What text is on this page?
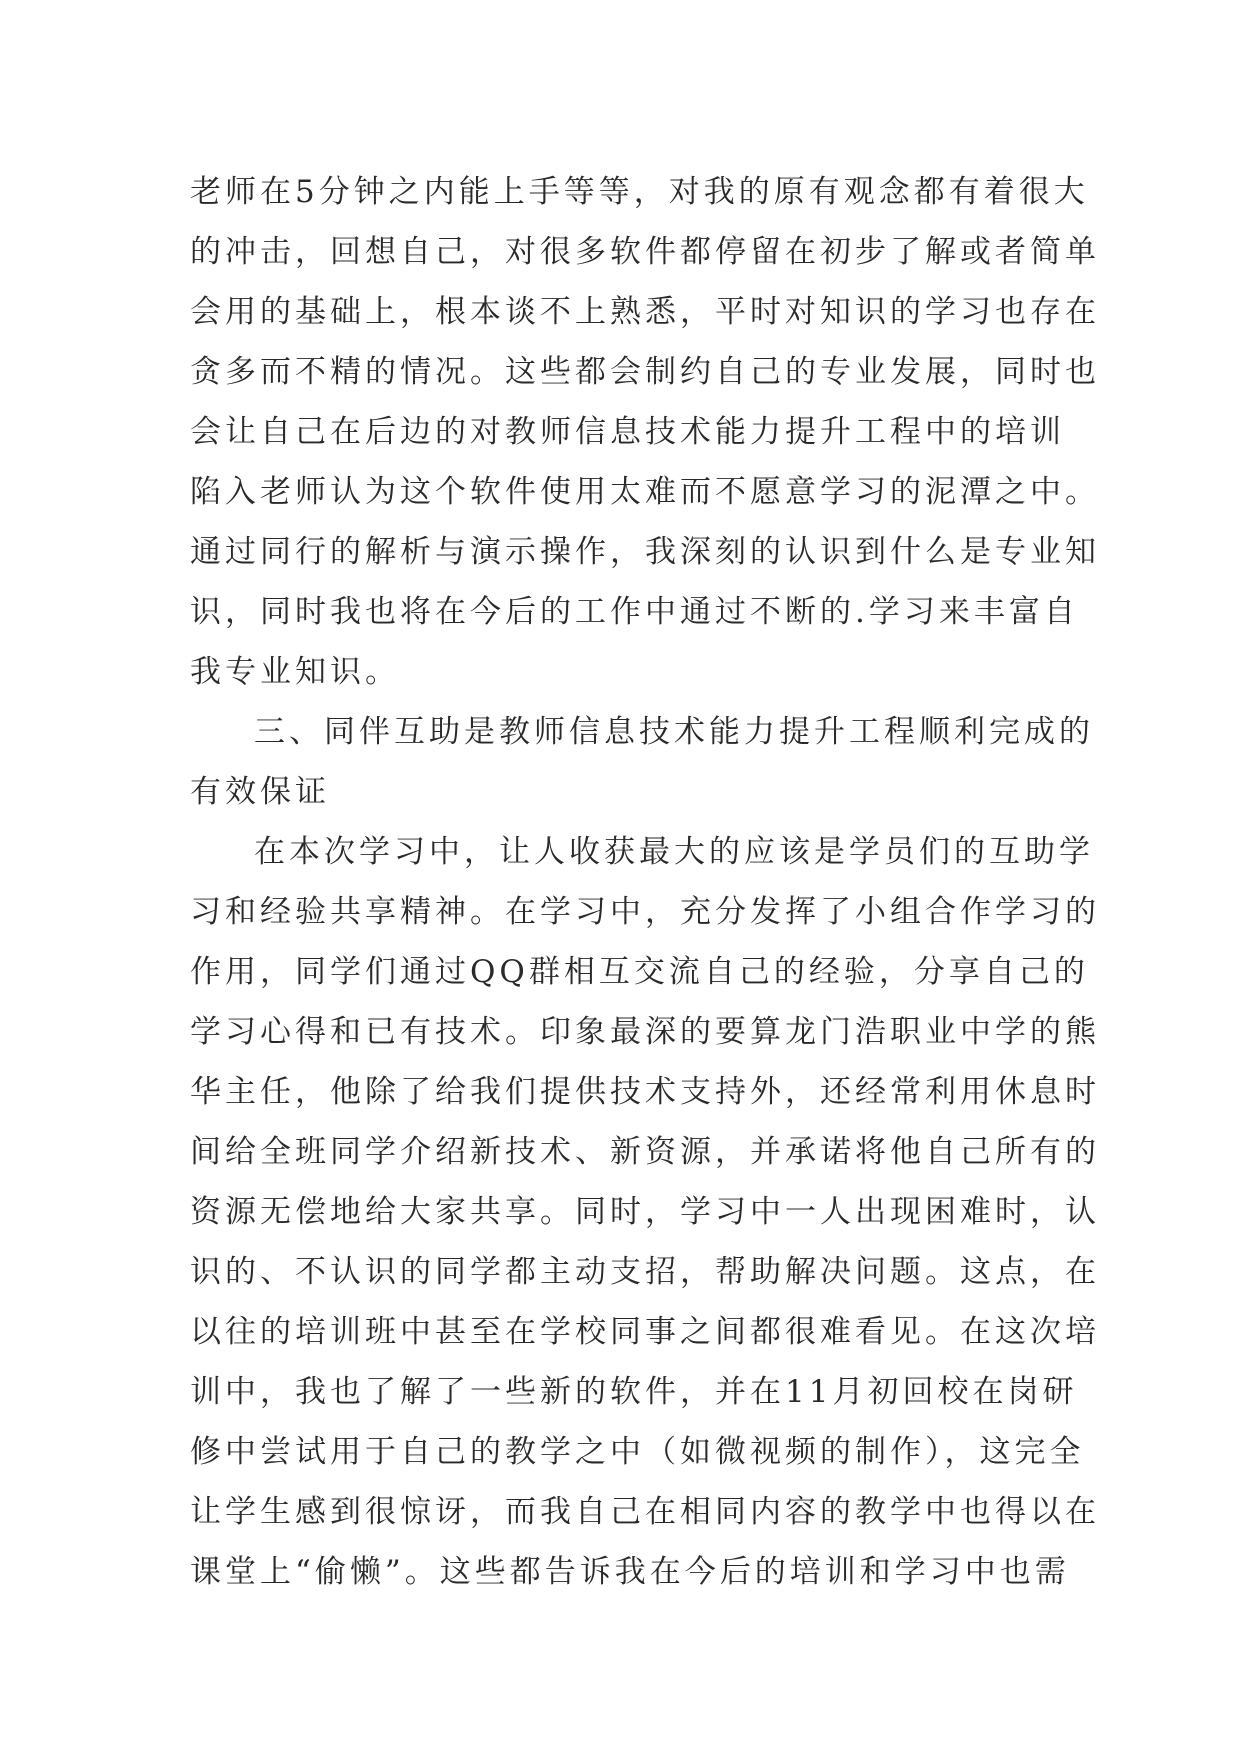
老师在5分钟之内能上手等等，对我的原有观念都有着很大
的冲击，回想自己，对很多软件都停留在初步了解或者简单
会用的基础上，根本谈不上熟悉，平时对知识的学习也存在
贪多而不精的情况。这些都会制约自己的专业发展，同时也
会让自己在后边的对教师信息技术能力提升工程中的培训
陷入老师认为这个软件使用太难而不愿意学习的泥潭之中。
通过同行的解析与演示操作，我深刻的认识到什么是专业知
识，同时我也将在今后的工作中通过不断的.学习来丰富自
我专业知识。
三、同伴互助是教师信息技术能力提升工程顺利完成的
有效保证
在本次学习中，让人收获最大的应该是学员们的互助学
习和经验共享精神。在学习中，充分发挥了小组合作学习的
作用，同学们通过QQ群相互交流自己的经验，分享自己的
学习心得和已有技术。印象最深的要算龙门浩职业中学的熊
华主任，他除了给我们提供技术支持外，还经常利用休息时
间给全班同学介绍新技术、新资源，并承诺将他自己所有的
资源无偿地给大家共享。同时，学习中一人出现困难时，认
识的、不认识的同学都主动支招，帮助解决问题。这点，在
以往的培训班中甚至在学校同事之间都很难看见。在这次培
训中，我也了解了一些新的软件，并在11月初回校在岗研
修中尝试用于自己的教学之中（如微视频的制作），这完全
让学生感到很惊讶，而我自己在相同内容的教学中也得以在
课堂上“偷懒”。这些都告诉我在今后的培训和学习中也需
